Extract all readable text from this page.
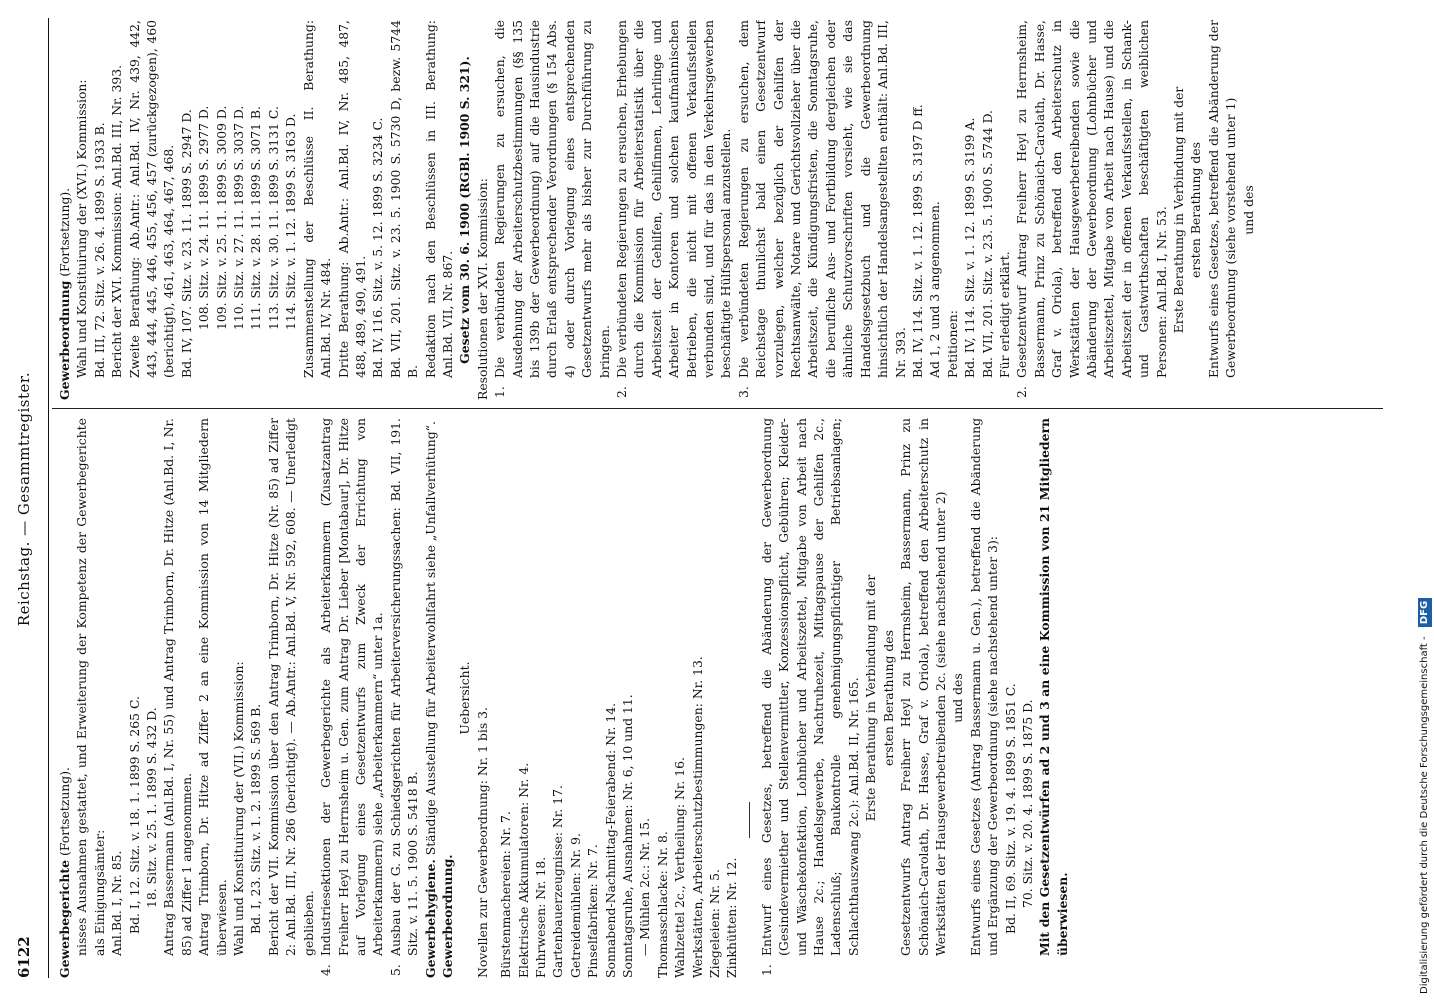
6122
Reichstag. — Gesammtregister.

Gewerbegerichte (Fortsetzung). nisses Ausnahmen gestattet, und Erweiterung der Kompetenz der Gewerbegerichte als Einigungsämter: Anl.Bd. I, Nr. 85. Bd. I, 12. Sitz. v. 18. 1. 1899 S. 265 C. 18. Sitz. v. 25. 1. 1899 S. 432 D. Antrag Bassermann (Anl.Bd. I, Nr. 55) und Antrag Trimborn, Dr. Hitze (Anl.Bd. I, Nr. 85) ad Ziffer 1 angenommen. Antrag Trimborn, Dr. Hitze ad Ziffer 2 an eine Kommission von 14 Mitgliedern überwiesen. Wahl und Konstituirung der (VII.) Kommission: Bd. I, 23. Sitz. v. 1. 2. 1899 S. 569 B. Bericht der VII. Kommission über den Antrag Trimborn, Dr. Hitze (Nr. 85) ad Ziffer 2: Anl.Bd. III, Nr. 286 (berichtigt). — Ab.Antr.: Anl.Bd. V, Nr. 592, 608. — Unerledigt geblieben.

4.

Industriesektionen der Gewerbegerichte als Arbeiterkammern (Zusatzantrag Freiherr Heyl zu Herrnsheim u. Gen. zum Antrag Dr. Lieber [Montabaur], Dr. Hitze auf Vorlegung eines Gesetzentwurfs zum Zweck der Errichtung von Arbeiterkammern) siehe „Arbeiterkammern“ unter 1a.

5.

Ausbau der G. zu Schiedsgerichten für Arbeiterversicherungssachen: Bd. VII, 191. Sitz. v. 11. 5. 1900 S. 5418 B. Gewerbehygiene. Ständige Ausstellung für Arbeiterwohlfahrt siehe „Unfallverhütung“.

Gewerbeordnung.

Uebersicht.

Novellen zur Gewerbeordnung: Nr. 1 bis 3. Bürstenmachereien: Nr. 7. Elektrische Akkumulatoren: Nr. 4. Fuhrwesen: Nr. 18. Gartenbauerzeugnisse: Nr. 17. Getreidemühlen: Nr. 9. Pinselfabriken: Nr. 7. Sonnabend-Nachmittag-Feierabend: Nr. 14. Sonntagsruhe, Ausnahmen: Nr. 6, 10 und 11. — Mühlen 2c.: Nr. 15. Thomasschlacke: Nr. 8. Wahlzettel 2c., Vertheilung: Nr. 16. Werkstätten, Arbeiterschutzbestimmungen: Nr. 13. Ziegeleien: Nr. 5. Zinkhütten: Nr. 12. 1.

Entwurf eines Gesetzes, betreffend die Abänderung der Gewerbeordnung (Gesindevermiether und Stellenvermittler, Konzessionspflicht, Gebühren; Kleider- und Wäschekonfektion, Lohnbücher und Arbeitszettel, Mitgabe von Arbeit nach Hause 2c.; Handelsgewerbe, Nachtruhezeit, Mittagspause der Gehilfen 2c., Ladenschluß; Baukontrolle genehmigungspflichtiger Betriebsanlagen; Schlachthauszwang 2c.): Anl.Bd. II, Nr. 165. Erste Berathung in Verbindung mit der ersten Berathung des Gesetzentwurfs Antrag Freiherr Heyl zu Herrnsheim, Bassermann, Prinz zu Schönaich-Carolath, Dr. Hasse, Graf v. Oriola), betreffend den Arbeiterschutz in Werkstätten der Hausgewerbetreibenden 2c. (siehe nachstehend unter 2) und des Entwurfs eines Gesetzes (Antrag Bassermann u. Gen.), betreffend die Abänderung und Ergänzung der Gewerbeordnung (siehe nachstehend unter 3): Bd. II, 69. Sitz. v. 19. 4. 1899 S. 1851 C. 70. Sitz. v. 20. 4. 1899 S. 1875 D. Mit den Gesetzentwürfen ad 2 und 3 an eine Kommission von 21 Mitgliedern überwiesen.

Gewerbeordnung (Fortsetzung). Wahl und Konstituirung der (XVI.) Kommission: Bd. III, 72. Sitz. v. 26. 4. 1899 S. 1933 B. Bericht der XVI. Kommission: Anl.Bd. III, Nr. 393. Zweite Berathung: Ab.Antr.: Anl.Bd. IV, Nr. 439, 442, 443, 444, 445, 446, 455, 456, 457 (zurückgezogen), 460 (berichtigt), 461, 463, 464, 467, 468. Bd. IV, 107. Sitz. v. 23. 11. 1899 S. 2947 D. 108. Sitz. v. 24. 11. 1899 S. 2977 D. 109. Sitz. v. 25. 11. 1899 S. 3009 D. 110. Sitz. v. 27. 11. 1899 S. 3037 D. 111. Sitz. v. 28. 11. 1899 S. 3071 B. 113. Sitz. v. 30. 11. 1899 S. 3131 C. 114. Sitz. v. 1. 12. 1899 S. 3163 D. Zusammenstellung der Beschlüsse II. Berathung: Anl.Bd. IV, Nr. 484. Dritte Berathung: Ab.Antr.: Anl.Bd. IV, Nr. 485, 487, 488, 489, 490, 491. Bd. IV, 116. Sitz. v. 5. 12. 1899 S. 3234 C. Bd. VII, 201. Sitz. v. 23. 5. 1900 S. 5730 D, bezw. 5744 B. Redaktion nach den Beschlüssen in III. Berathung: Anl.Bd. VII, Nr. 867. Gesetz vom 30. 6. 1900 (RGBl. 1900 S. 321). Resolutionen der XVI. Kommission: 1.

Die verbündeten Regierungen zu ersuchen, die Ausdehnung der Arbeiterschutzbestimmungen (§§ 135 bis 139b der Gewerbeordnung) auf die Hausindustrie durch Erlaß entsprechender Verordnungen (§ 154 Abs. 4) oder durch Vorlegung eines entsprechenden Gesetzentwurfs mehr als bisher zur Durchführung zu bringen.

2.

Die verbündeten Regierungen zu ersuchen, Erhebungen durch die Kommission für Arbeiterstatistik über die Arbeitszeit der Gehilfen, Gehilfinnen, Lehrlinge und Arbeiter in Kontoren und solchen kaufmännischen Betrieben, die nicht mit offenen Verkaufsstellen verbunden sind, und für das in den Verkehrsgewerben beschäftigte Hülfspersonal anzustellen.

3.

Die verbündeten Regierungen zu ersuchen, dem Reichstage thunlichst bald einen Gesetzentwurf vorzulegen, welcher bezüglich der Gehilfen der Rechtsanwälte, Notare und Gerichtsvollzieher über die Arbeitszeit, die Kündigungsfristen, die Sonntagsruhe, die berufliche Aus- und Fortbildung dergleichen oder ähnliche Schutzvorschriften vorsieht, wie sie das Handelsgesetzbuch und die Gewerbeordnung hinsichtlich der Handelsangestellten enthält: Anl.Bd. III, Nr. 393. Bd. IV, 114. Sitz. v. 1. 12. 1899 S. 3197 D ff. Ad 1, 2 und 3 angenommen. Petitionen: Bd. IV, 114. Sitz. v. 1. 12. 1899 S. 3199 A. Bd. VII, 201. Sitz. v. 23. 5. 1900 S. 5744 D. Für erledigt erklärt.

2.

Gesetzentwurf Antrag Freiherr Heyl zu Herrnsheim, Bassermann, Prinz zu Schönaich-Carolath, Dr. Hasse, Graf v. Oriola), betreffend den Arbeiterschutz in Werkstätten der Hausgewerbetreibenden sowie die Abänderung der Gewerbeordnung (Lohnbücher und Arbeitszettel, Mitgabe von Arbeit nach Hause) und die Arbeitszeit der in offenen Verkaufsstellen, in Schank- und Gastwirthschaften beschäftigten weiblichen Personen: Anl.Bd. I, Nr. 53. Erste Berathung in Verbindung mit der ersten Berathung des Entwurfs eines Gesetzes, betreffend die Abänderung der Gewerbeordnung (siehe vorstehend unter 1) und des

Digitalisierung gefördert durch die Deutsche Forschungsgemeinschaft - DFG
